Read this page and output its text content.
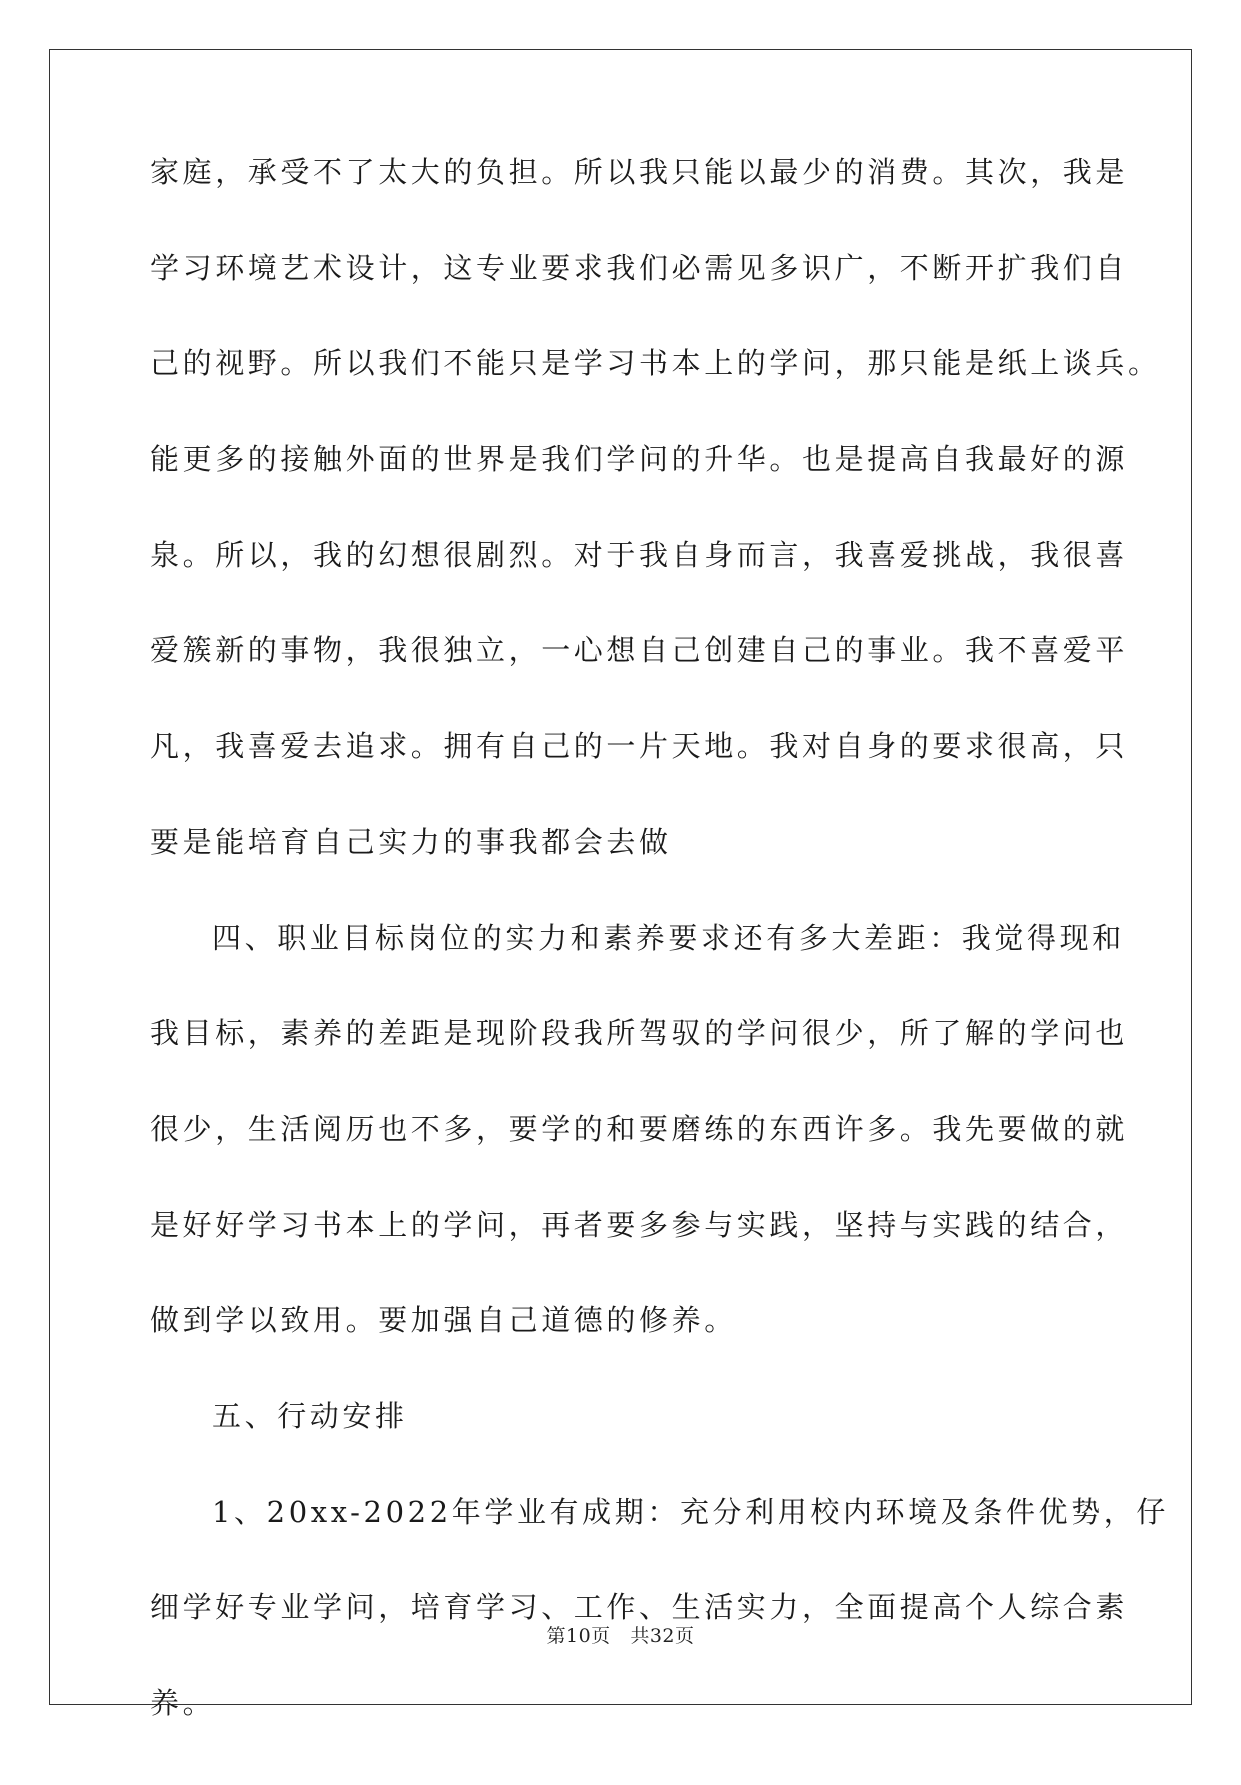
家庭，承受不了太大的负担。所以我只能以最少的消费。其次，我是
学习环境艺术设计，这专业要求我们必需见多识广，不断开扩我们自
己的视野。所以我们不能只是学习书本上的学问，那只能是纸上谈兵。
能更多的接触外面的世界是我们学问的升华。也是提高自我最好的源
泉。所以，我的幻想很剧烈。对于我自身而言，我喜爱挑战，我很喜
爱簇新的事物，我很独立，一心想自己创建自己的事业。我不喜爱平
凡，我喜爱去追求。拥有自己的一片天地。我对自身的要求很高，只
要是能培育自己实力的事我都会去做
四、职业目标岗位的实力和素养要求还有多大差距：我觉得现和
我目标，素养的差距是现阶段我所驾驭的学问很少，所了解的学问也
很少，生活阅历也不多，要学的和要磨练的东西许多。我先要做的就
是好好学习书本上的学问，再者要多参与实践，坚持与实践的结合，
做到学以致用。要加强自己道德的修养。
五、行动安排
1、20xx-2022年学业有成期：充分利用校内环境及条件优势，仔
细学好专业学问，培育学习、工作、生活实力，全面提高个人综合素
养。
第10页 共32页
